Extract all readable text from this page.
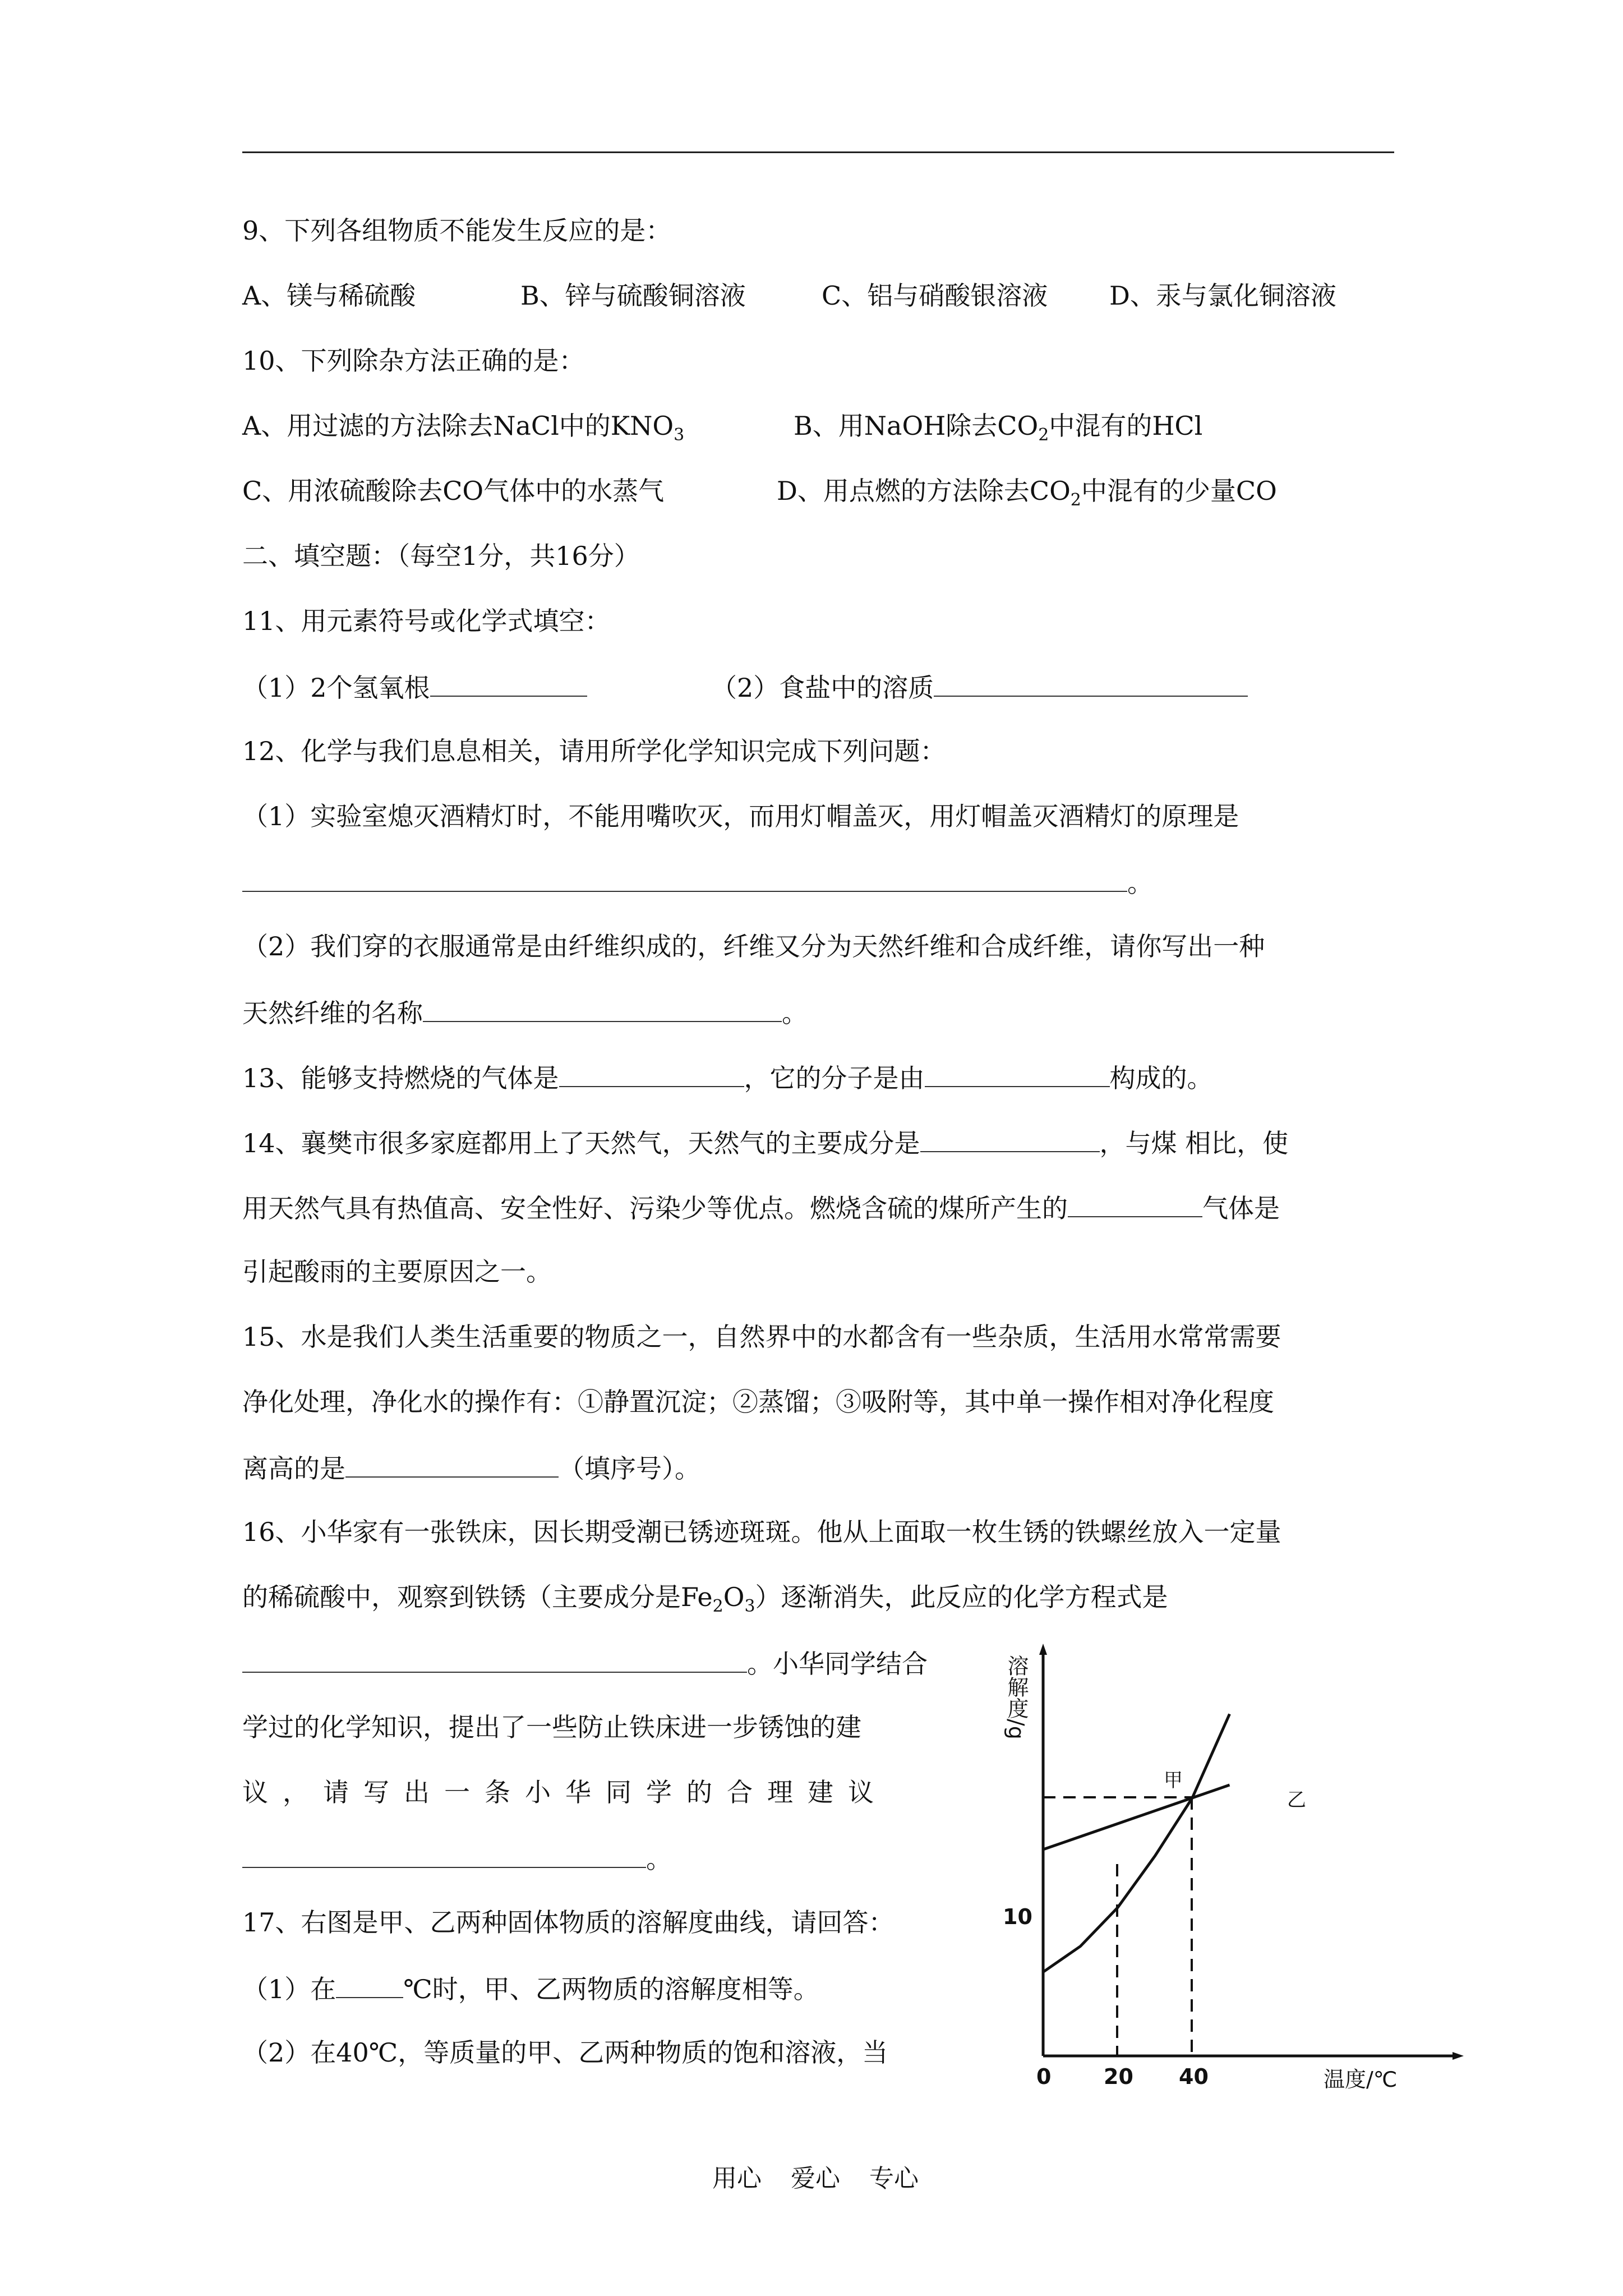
9、下列各组物质不能发生反应的是：
A、镁与稀硫酸	B、锌与硫酸铜溶液	C、铝与硝酸银溶液 D、汞与氯化铜溶液
10、下列除杂方法正确的是：
A、用过滤的方法除去NaCl中的$KNO_3$	B、用NaOH除去$CO_2$中混有的HCl
C、用浓硫酸除去CO气体中的水蒸气	D、用点燃的方法除去$CO_2$中混有的少量CO
二、填空题：（每空1分，共16分）
11、用元素符号或化学式填空：
（1）2个氢氧根	（2）食盐中的溶质
12、化学与我们息息相关，请用所学化学知识完成下列问题：
（1）实验室熄灭酒精灯时，不能用嘴吹灭，而用灯帽盖灭，用灯帽盖灭酒精灯的原理是
。
（2）我们穿的衣服通常是由纤维织成的，纤维又分为天然纤维和合成纤维，请你写出一种
天然纤维的名称	。
13、能够支持燃烧的气体是	，它的分子是由	构成的。
14、襄樊市很多家庭都用上了天然气，天然气的主要成分是	，与煤 相比，使
用天然气具有热值高、安全性好、污染少等优点。燃烧含硫的煤所产生的	气体是
引起酸雨的主要原因之一。
15、水是我们人类生活重要的物质之一，自然界中的水都含有一些杂质，生活用水常常需要
净化处理，净化水的操作有：①静置沉淀；②蒸馏；③吸附等，其中单一操作相对净化程度
离高的是	（填序号）。
16、小华家有一张铁床，因长期受潮已锈迹斑斑。他从上面取一枚生锈的铁螺丝放入一定量
的稀硫酸中，观察到铁锈（主要成分是$Fe_2O_3$）逐渐消失，此反应的化学方程式是
。小华同学结合
学过的化学知识，提出了一些防止铁床进一步锈蚀的建
议，请写出一条小华同学的合理建议
。
17、右图是甲、乙两种固体物质的溶解度曲线，请回答：
（1）在	℃时，甲、乙两物质的溶解度相等。
（2）在40℃，等质量的甲、乙两种物质的饱和溶液，当
溶解度/g
温度/℃
0 20 40
10
甲
乙
用心 爱心 专心
